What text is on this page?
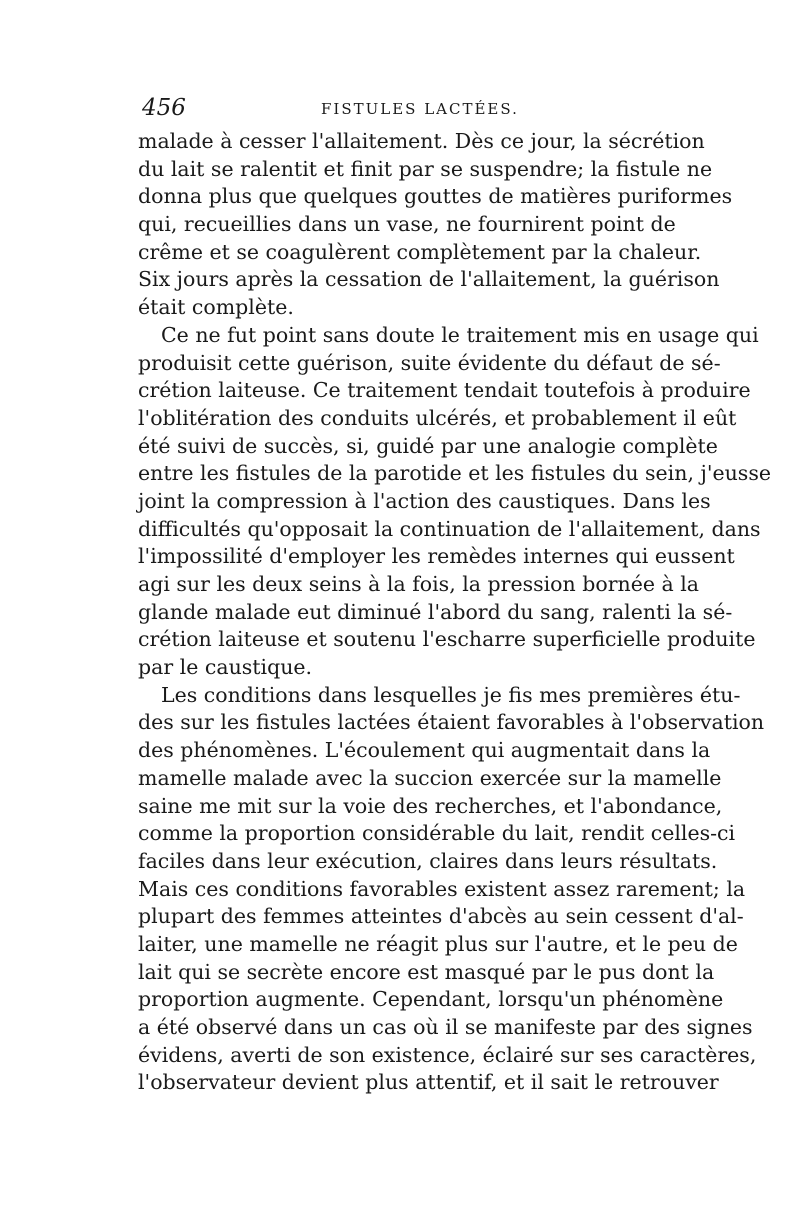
456	FISTULES LACTÉES.
malade à cesser l'allaitement. Dès ce jour, la sécrétion
du lait se ralentit et finit par se suspendre; la fistule ne
donna plus que quelques gouttes de matières puriformes
qui, recueillies dans un vase, ne fournirent point de
crême et se coagulèrent complètement par la chaleur.
Six jours après la cessation de l'allaitement, la guérison
était complète.
Ce ne fut point sans doute le traitement mis en usage qui
produisit cette guérison, suite évidente du défaut de sé-
crétion laiteuse. Ce traitement tendait toutefois à produire
l'oblitération des conduits ulcérés, et probablement il eût
été suivi de succès, si, guidé par une analogie complète
entre les fistules de la parotide et les fistules du sein, j'eusse
joint la compression à l'action des caustiques. Dans les
difficultés qu'opposait la continuation de l'allaitement, dans
l'impossilité d'employer les remèdes internes qui eussent
agi sur les deux seins à la fois, la pression bornée à la
glande malade eut diminué l'abord du sang, ralenti la sé-
crétion laiteuse et soutenu l'escharre superficielle produite
par le caustique.
Les conditions dans lesquelles je fis mes premières étu-
des sur les fistules lactées étaient favorables à l'observation
des phénomènes. L'écoulement qui augmentait dans la
mamelle malade avec la succion exercée sur la mamelle
saine me mit sur la voie des recherches, et l'abondance,
comme la proportion considérable du lait, rendit celles-ci
faciles dans leur exécution, claires dans leurs résultats.
Mais ces conditions favorables existent assez rarement; la
plupart des femmes atteintes d'abcès au sein cessent d'al-
laiter, une mamelle ne réagit plus sur l'autre, et le peu de
lait qui se secrète encore est masqué par le pus dont la
proportion augmente. Cependant, lorsqu'un phénomène
a été observé dans un cas où il se manifeste par des signes
évidens, averti de son existence, éclairé sur ses caractères,
l'observateur devient plus attentif, et il sait le retrouver
